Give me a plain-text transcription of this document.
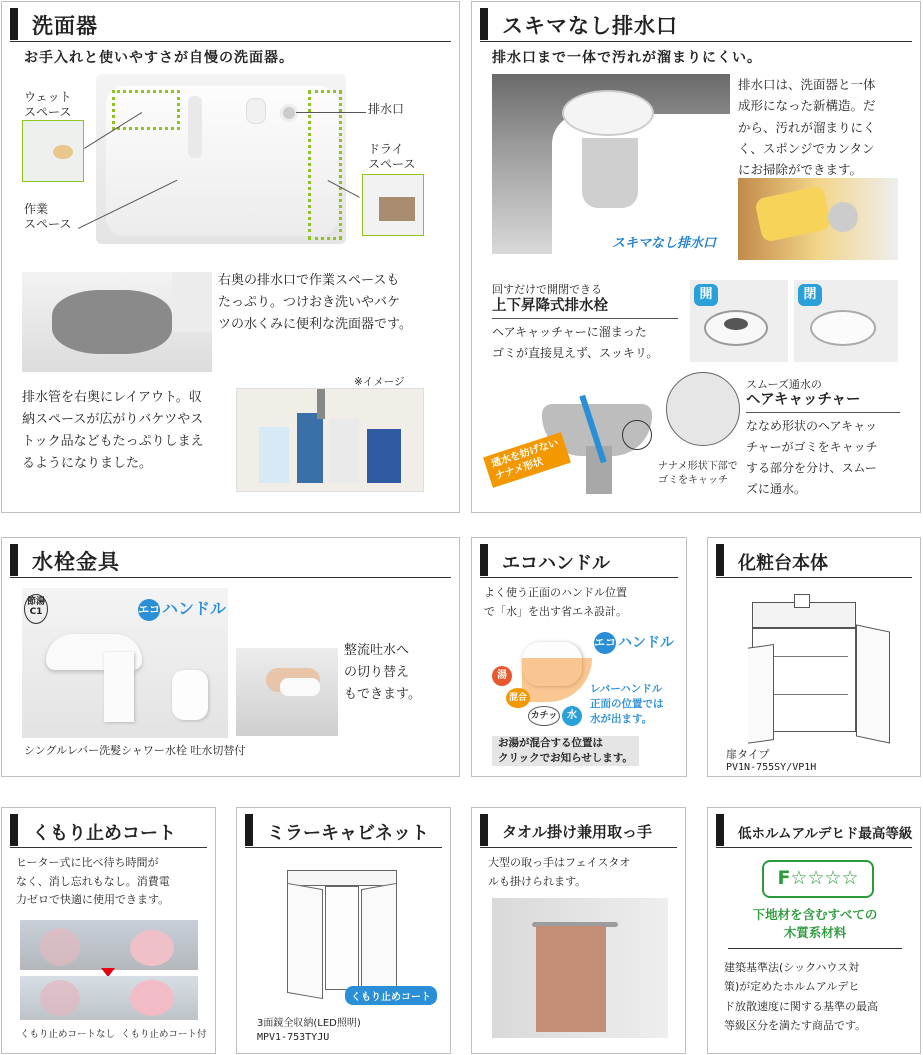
洗面器
お手入れと使いやすさが自慢の洗面器。
ウェット
スペース	排水口
ドライ
スペース
作業
スペース
右奥の排水口で作業スペースも
たっぷり。つけおき洗いやバケ
ツの水くみに便利な洗面器です。
※イメージ
排水管を右奥にレイアウト。収
納スペースが広がりバケツやス
トック品などもたっぷりしまえ
るようになりました。
スキマなし排水口
排水口まで一体で汚れが溜まりにくい。
スキマなし排水口
排水口は、洗面器と一体
成形になった新構造。だ
から、汚れが溜まりにく
く、スポンジでカンタン
にお掃除ができます。
回すだけで開閉できる
上下昇降式排水栓
ヘアキャッチャーに溜まった
ゴミが直接見えず、スッキリ。
開	閉
通水を妨げない
ナナメ形状	ナナメ形状下部で
ゴミをキャッチ
スムーズ通水の
ヘアキャッチャー
ななめ形状のヘアキャッ
チャーがゴミをキャッチ
する部分を分け、スムー
ズに通水。
水栓金具
節湯
C1	エコ ハンドル
整流吐水へ
の切り替え
もできます。
シングルレバー洗髪シャワー水栓 吐水切替付
エコハンドル
よく使う正面のハンドル位置
で「水」を出す省エネ設計。
エコ ハンドル
湯
混合
カチッ 水
レバーハンドル
正面の位置では
水が出ます。
お湯が混合する位置は
クリックでお知らせします。
化粧台本体
扉タイプ
PV1N-755SY/VP1H
くもり止めコート
ヒーター式に比べ待ち時間が
なく、消し忘れもなし。消費電
力ゼロで快適に使用できます。
くもり止めコートなし  くもり止めコート付
ミラーキャビネット
くもり止めコート
3面鏡全収納(LED照明)
MPV1-753TYJU
タオル掛け兼用取っ手
大型の取っ手はフェイスタオ
ルも掛けられます。
低ホルムアルデヒド最高等級
F☆☆☆☆
下地材を含むすべての
木質系材料
建築基準法(シックハウス対
策)が定めたホルムアルデヒ
ド放散速度に関する基準の最高
等級区分を満たす商品です。
